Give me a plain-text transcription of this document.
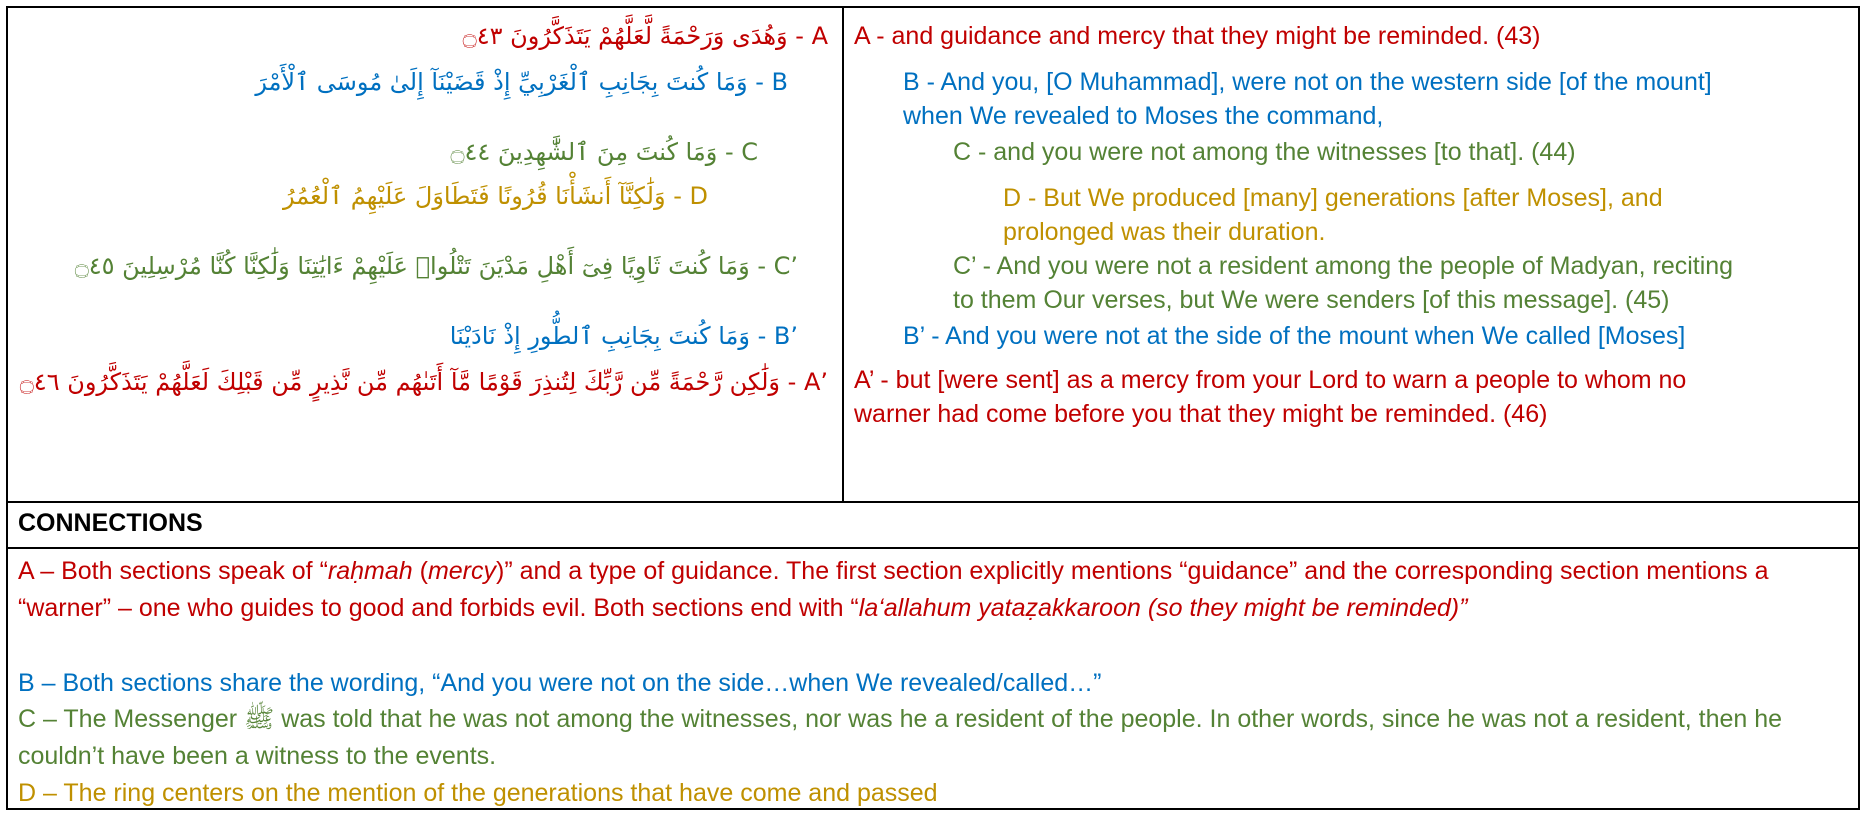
وَهُدَى وَرَحْمَةً لَّعَلَّهُمْ يَتَذَكَّرُونَ ۝٤٣ - A
وَمَا كُنتَ بِجَانِبِ ٱلْغَرْبِيِّ إِذْ قَضَيْنَآ إِلَىٰ مُوسَى ٱلْأَمْرَ - B
وَمَا كُنتَ مِنَ ٱلشَّٰهِدِينَ ۝٤٤ - C
وَلَٰكِنَّآ أَنشَأْنَا قُرُونًا فَتَطَاوَلَ عَلَيْهِمُ ٱلْعُمُرُ - D
وَمَا كُنتَ ثَاوِيًا فِىٓ أَهْلِ مَدْيَنَ تَتْلُوا۟ عَلَيْهِمْ ءَايَٰتِنَا وَلَٰكِنَّا كُنَّا مُرْسِلِينَ ۝٤٥ - C’
وَمَا كُنتَ بِجَانِبِ ٱلطُّورِ إِذْ نَادَيْنَا - B’
وَلَٰكِن رَّحْمَةً مِّن رَّبِّكَ لِتُنذِرَ قَوْمًا مَّآ أَتَىٰهُم مِّن نَّذِيرٍ مِّن قَبْلِكَ لَعَلَّهُمْ يَتَذَكَّرُونَ ۝٤٦ - A’
A - and guidance and mercy that they might be reminded. (43)
B - And you, [O Muhammad], were not on the western side [of the mount]
when We revealed to Moses the command,
C - and you were not among the witnesses [to that]. (44)
D - But We produced [many] generations [after Moses], and
prolonged was their duration.
C’ - And you were not a resident among the people of Madyan, reciting
to them Our verses, but We were senders [of this message]. (45)
B’ - And you were not at the side of the mount when We called [Moses]
A’ - but [were sent] as a mercy from your Lord to warn a people to whom no
warner had come before you that they might be reminded. (46)
CONNECTIONS
A – Both sections speak of “raḥmah (mercy)” and a type of guidance. The first section explicitly mentions “guidance” and the corresponding section mentions a “warner” – one who guides to good and forbids evil. Both sections end with “la‘allahum yataẓakkaroon (so they might be reminded)”
B – Both sections share the wording, “And you were not on the side…when We revealed/called…”
C – The Messenger ﷺ was told that he was not among the witnesses, nor was he a resident of the people. In other words, since he was not a resident, then he couldn’t have been a witness to the events.
D – The ring centers on the mention of the generations that have come and passed
